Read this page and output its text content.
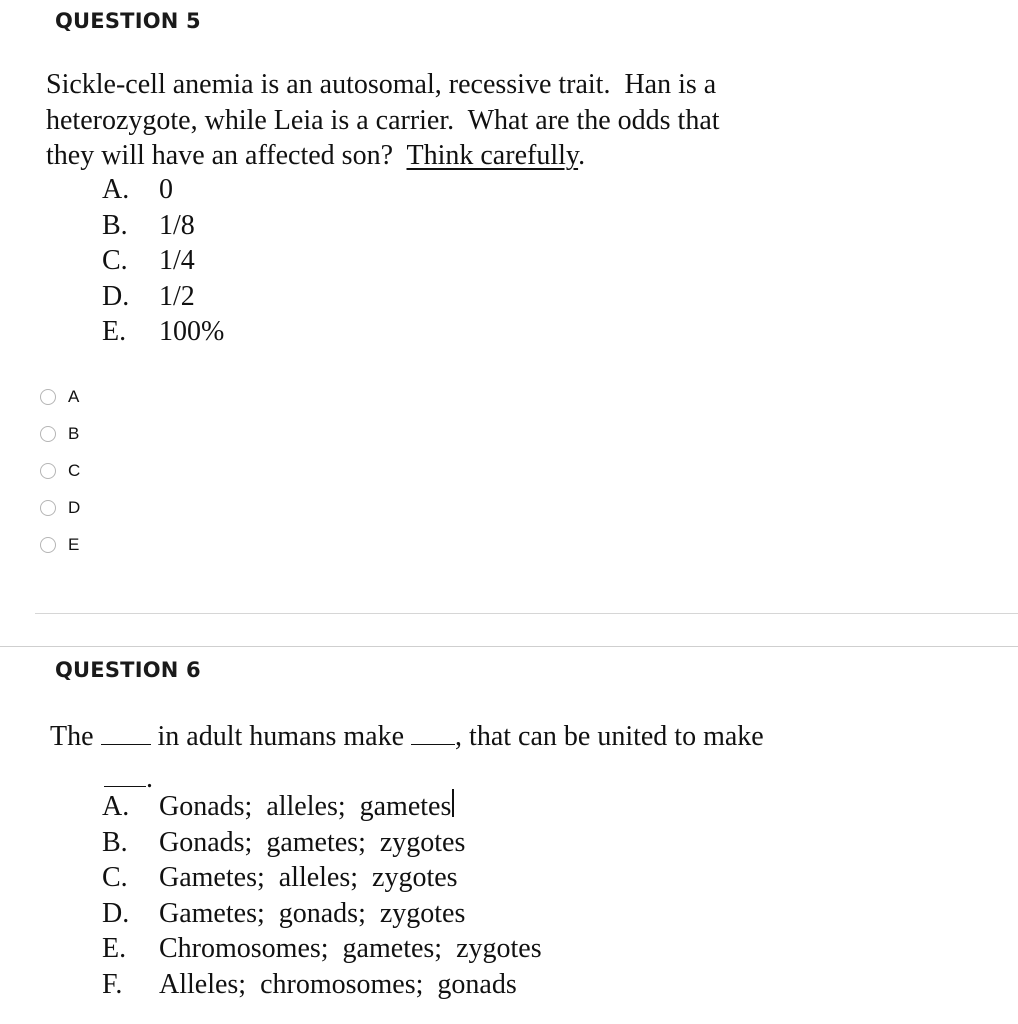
QUESTION 5
Sickle-cell anemia is an autosomal, recessive trait.  Han is a
heterozygote, while Leia is a carrier.  What are the odds that
they will have an affected son?  Think carefully.
A.	0
B.	1/8
C.	1/4
D.	1/2
E.	100%
A
B
C
D
E
QUESTION 6
The  in adult humans make , that can be united to make
.
A.	Gonads;  alleles;  gametes
B.	Gonads;  gametes;  zygotes
C.	Gametes;  alleles;  zygotes
D.	Gametes;  gonads;  zygotes
E.	Chromosomes;  gametes;  zygotes
F.	Alleles;  chromosomes;  gonads
